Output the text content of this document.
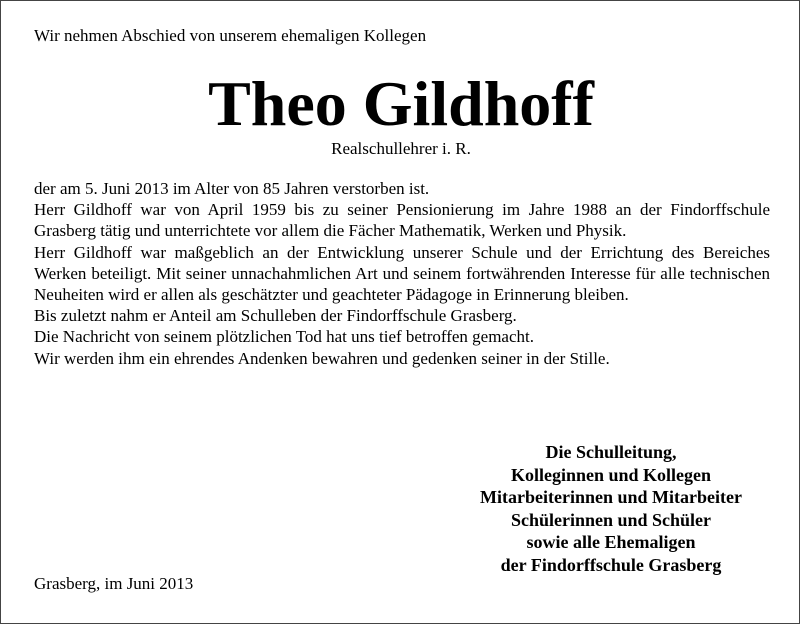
Wir nehmen Abschied von unserem ehemaligen Kollegen
Theo Gildhoff
Realschullehrer i. R.

der am 5. Juni 2013 im Alter von 85 Jahren verstorben ist.

Herr Gildhoff war von April 1959 bis zu seiner Pensionierung im Jahre 1988 an der Findorffschule Grasberg tätig und unterrichtete vor allem die Fächer Mathematik, Werken und Physik.

Herr Gildhoff war maßgeblich an der Entwicklung unserer Schule und der Errichtung des Bereiches Werken beteiligt. Mit seiner unnachahmlichen Art und seinem fortwährenden Interesse für alle technischen Neuheiten wird er allen als geschätzter und geachteter Pädagoge in Erinnerung bleiben.

Bis zuletzt nahm er Anteil am Schulleben der Findorffschule Grasberg.

Die Nachricht von seinem plötzlichen Tod hat uns tief betroffen gemacht.

Wir werden ihm ein ehrendes Andenken bewahren und gedenken seiner in der Stille.

Die Schulleitung,
Kolleginnen und Kollegen
Mitarbeiterinnen und Mitarbeiter
Schülerinnen und Schüler
sowie alle Ehemaligen
der Findorffschule Grasberg
Grasberg, im Juni 2013
